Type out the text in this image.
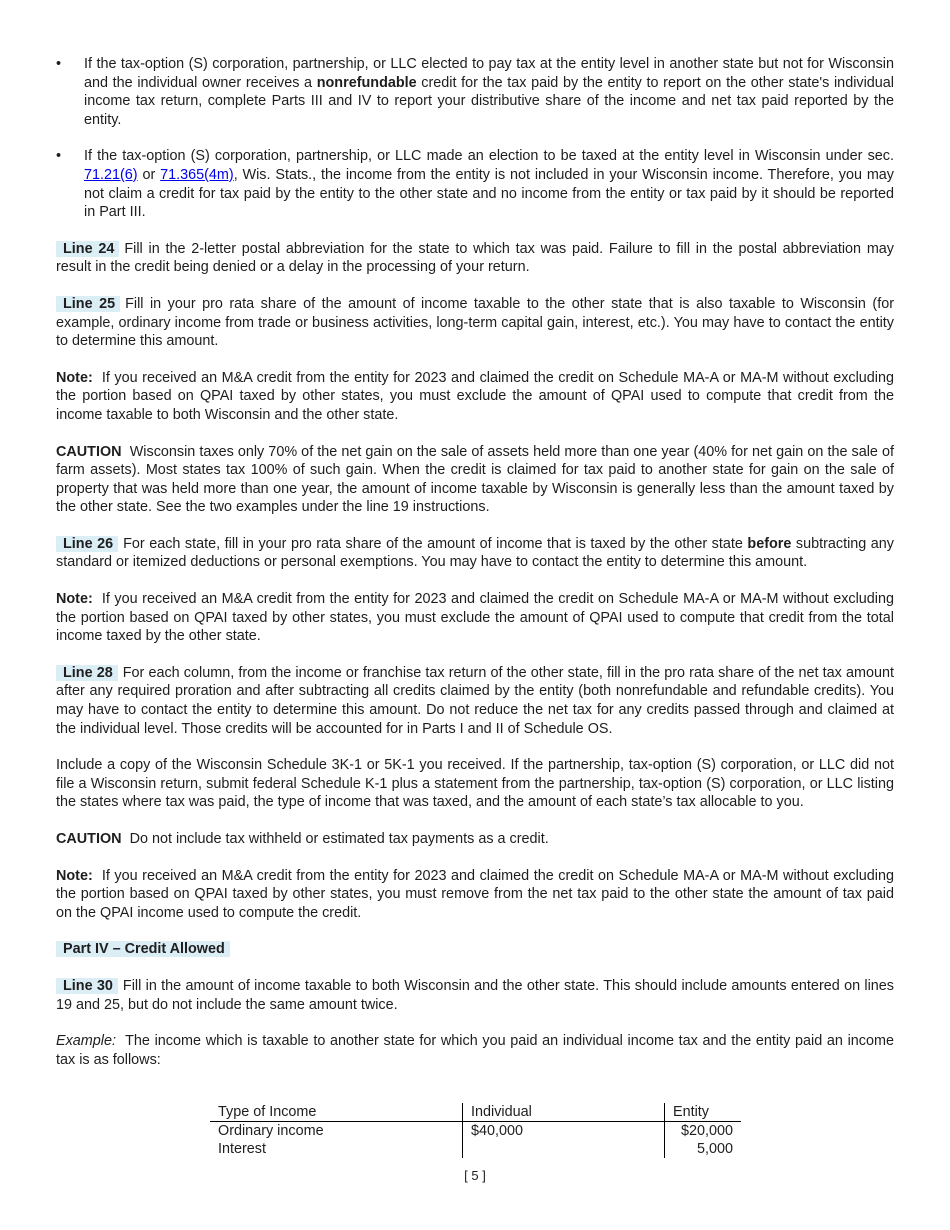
•	If the tax-option (S) corporation, partnership, or LLC elected to pay tax at the entity level in another state but not for Wisconsin and the individual owner receives a nonrefundable credit for the tax paid by the entity to report on the other state's individual income tax return, complete Parts III and IV to report your distributive share of the income and net tax paid reported by the entity.
•	If the tax-option (S) corporation, partnership, or LLC made an election to be taxed at the entity level in Wisconsin under sec. 71.21(6) or 71.365(4m), Wis. Stats., the income from the entity is not included in your Wisconsin income. Therefore, you may not claim a credit for tax paid by the entity to the other state and no income from the entity or tax paid by it should be reported in Part III.

Line 24 Fill in the 2-letter postal abbreviation for the state to which tax was paid. Failure to fill in the postal abbreviation may result in the credit being denied or a delay in the processing of your return.

Line 25 Fill in your pro rata share of the amount of income taxable to the other state that is also taxable to Wisconsin (for example, ordinary income from trade or business activities, long-term capital gain, interest, etc.). You may have to contact the entity to determine this amount.

Note: If you received an M&A credit from the entity for 2023 and claimed the credit on Schedule MA-A or MA-M without excluding the portion based on QPAI taxed by other states, you must exclude the amount of QPAI used to compute that credit from the income taxable to both Wisconsin and the other state.

CAUTION Wisconsin taxes only 70% of the net gain on the sale of assets held more than one year (40% for net gain on the sale of farm assets). Most states tax 100% of such gain. When the credit is claimed for tax paid to another state for gain on the sale of property that was held more than one year, the amount of income taxable by Wisconsin is generally less than the amount taxed by the other state. See the two examples under the line 19 instructions.

Line 26 For each state, fill in your pro rata share of the amount of income that is taxed by the other state before subtracting any standard or itemized deductions or personal exemptions. You may have to contact the entity to determine this amount.

Note: If you received an M&A credit from the entity for 2023 and claimed the credit on Schedule MA-A or MA-M without excluding the portion based on QPAI taxed by other states, you must exclude the amount of QPAI used to compute that credit from the total income taxed by the other state.

Line 28 For each column, from the income or franchise tax return of the other state, fill in the pro rata share of the net tax amount after any required proration and after subtracting all credits claimed by the entity (both nonrefundable and refundable credits). You may have to contact the entity to determine this amount. Do not reduce the net tax for any credits passed through and claimed at the individual level. Those credits will be accounted for in Parts I and II of Schedule OS.

Include a copy of the Wisconsin Schedule 3K-1 or 5K-1 you received. If the partnership, tax-option (S) corporation, or LLC did not file a Wisconsin return, submit federal Schedule K-1 plus a statement from the partnership, tax-option (S) corporation, or LLC listing the states where tax was paid, the type of income that was taxed, and the amount of each state’s tax allocable to you.

CAUTION Do not include tax withheld or estimated tax payments as a credit.

Note: If you received an M&A credit from the entity for 2023 and claimed the credit on Schedule MA-A or MA-M without excluding the portion based on QPAI taxed by other states, you must remove from the net tax paid to the other state the amount of tax paid on the QPAI income used to compute the credit.

Part IV – Credit Allowed

Line 30 Fill in the amount of income taxable to both Wisconsin and the other state. This should include amounts entered on lines 19 and 25, but do not include the same amount twice.

Example: The income which is taxable to another state for which you paid an individual income tax and the entity paid an income tax is as follows:

Type of Income	Individual	Entity
Ordinary income	$40,000	$20,000
Interest		5,000
[ 5 ]
